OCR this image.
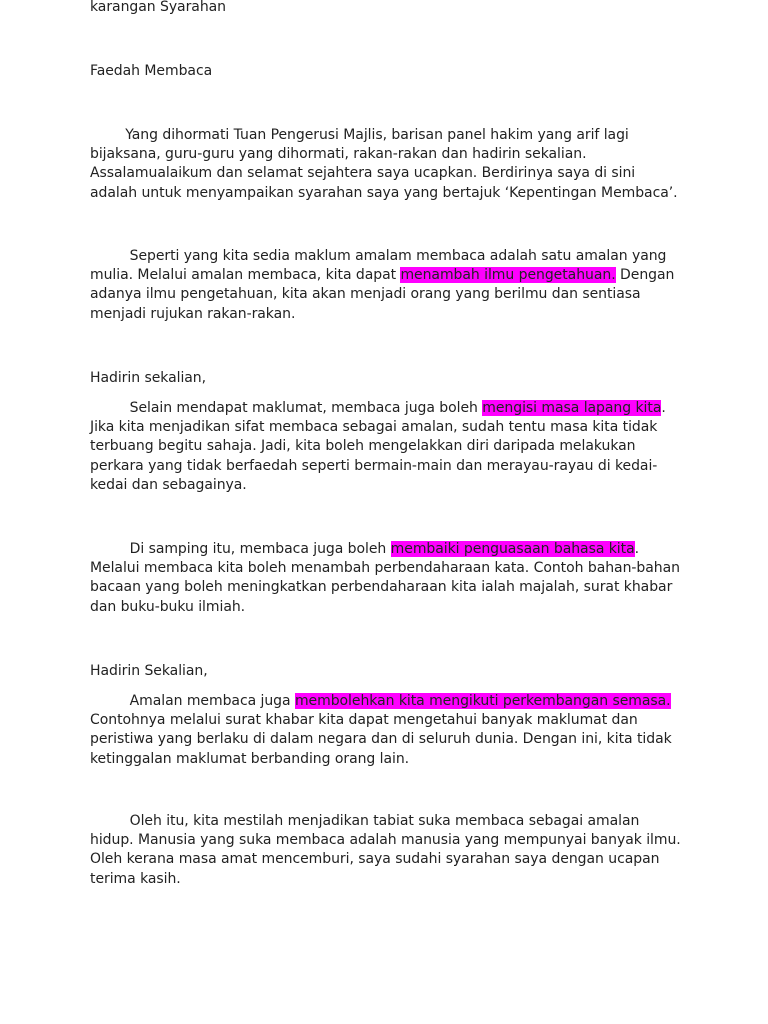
karangan Syarahan
Faedah Membaca
Yang dihormati Tuan Pengerusi Majlis, barisan panel hakim yang arif lagi
bijaksana, guru-guru yang dihormati, rakan-rakan dan hadirin sekalian.
Assalamualaikum dan selamat sejahtera saya ucapkan. Berdirinya saya di sini
adalah untuk menyampaikan syarahan saya yang bertajuk ‘Kepentingan Membaca’.
Seperti yang kita sedia maklum amalam membaca adalah satu amalan yang
mulia. Melalui amalan membaca, kita dapat menambah ilmu pengetahuan. Dengan
adanya ilmu pengetahuan, kita akan menjadi orang yang berilmu dan sentiasa
menjadi rujukan rakan-rakan.
Hadirin sekalian,
Selain mendapat maklumat, membaca juga boleh mengisi masa lapang kita.
Jika kita menjadikan sifat membaca sebagai amalan, sudah tentu masa kita tidak
terbuang begitu sahaja. Jadi, kita boleh mengelakkan diri daripada melakukan
perkara yang tidak berfaedah seperti bermain-main dan merayau-rayau di kedai-
kedai dan sebagainya.
Di samping itu, membaca juga boleh membaiki penguasaan bahasa kita.
Melalui membaca kita boleh menambah perbendaharaan kata. Contoh bahan-bahan
bacaan yang boleh meningkatkan perbendaharaan kita ialah majalah, surat khabar
dan buku-buku ilmiah.
Hadirin Sekalian,
Amalan membaca juga membolehkan kita mengikuti perkembangan semasa.
Contohnya melalui surat khabar kita dapat mengetahui banyak maklumat dan
peristiwa yang berlaku di dalam negara dan di seluruh dunia. Dengan ini, kita tidak
ketinggalan maklumat berbanding orang lain.
Oleh itu, kita mestilah menjadikan tabiat suka membaca sebagai amalan
hidup. Manusia yang suka membaca adalah manusia yang mempunyai banyak ilmu.
Oleh kerana masa amat mencemburi, saya sudahi syarahan saya dengan ucapan
terima kasih.
